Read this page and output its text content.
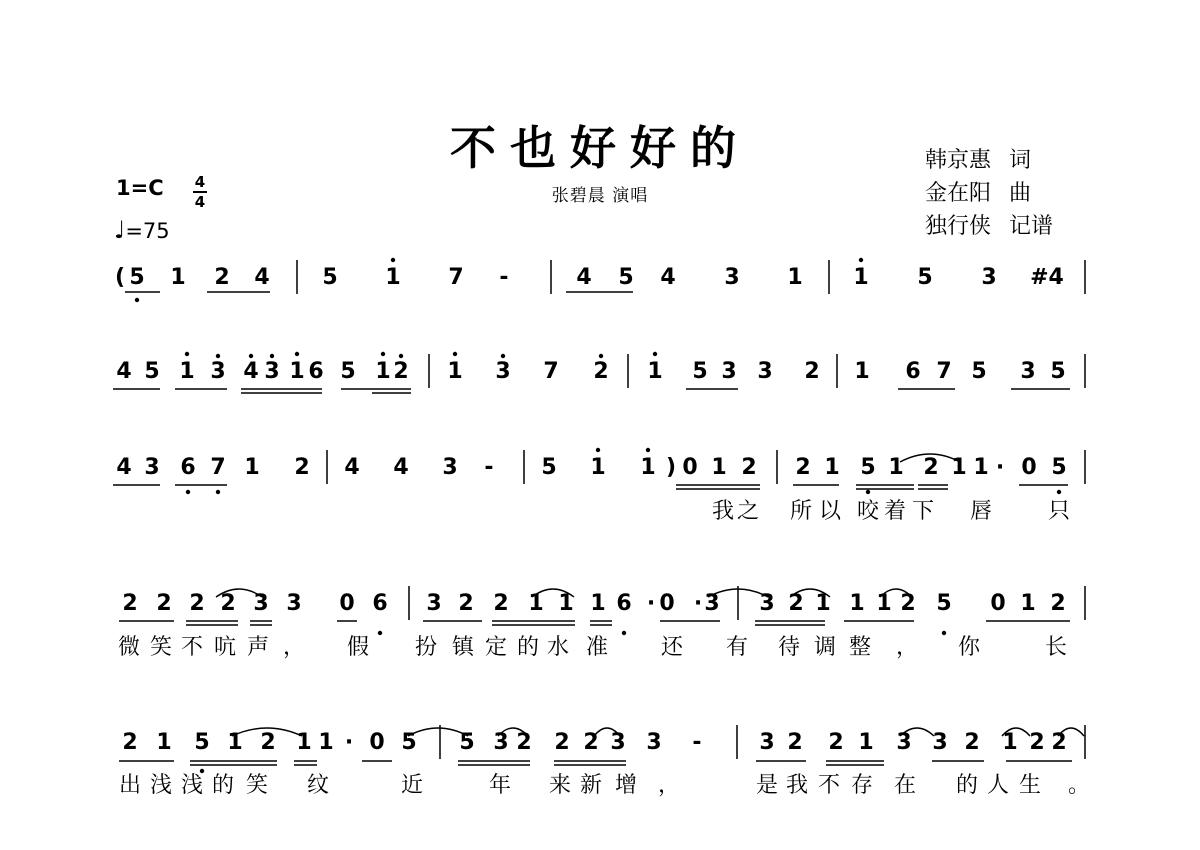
不也好好的
张碧晨 演唱
韩京惠 词
金在阳 曲
独行侠 记谱
1=C 4
4
♩=75
( 5 1 2 4 5 1 7 -	4 5 4 3 1 1 5 3 #4
4 5 1 3 4 3 1 6 5 1 2 1 3 7 2 1 5 3 3 2 1 6 7 5 3 5
4 3 6 7 1 2 4 4 3 - 5 1 1 ) 0 1 2 2 1 5 1 2 1 1 · 0 5
我 之 所 以 咬 着 下 唇	只
2 2 2 2 3 3 0 6 3 2 2 1 1 1 6 · 0 · 3 3 2 1 1 1 2 5 0 1 2
微 笑 不 吭 声 ， 假 扮 镇 定 的 水 准 还 有 待 调 整 ， 你	长
2 1 5 1 2 1 1 · 0 5 5 3 2 2 2 3 3 -	3 2 2 1 3 3 2 1 2 2
出 浅 浅 的 笑 纹	近	年 来 新 增 ，	是 我 不 存 在 的 人 生 。
